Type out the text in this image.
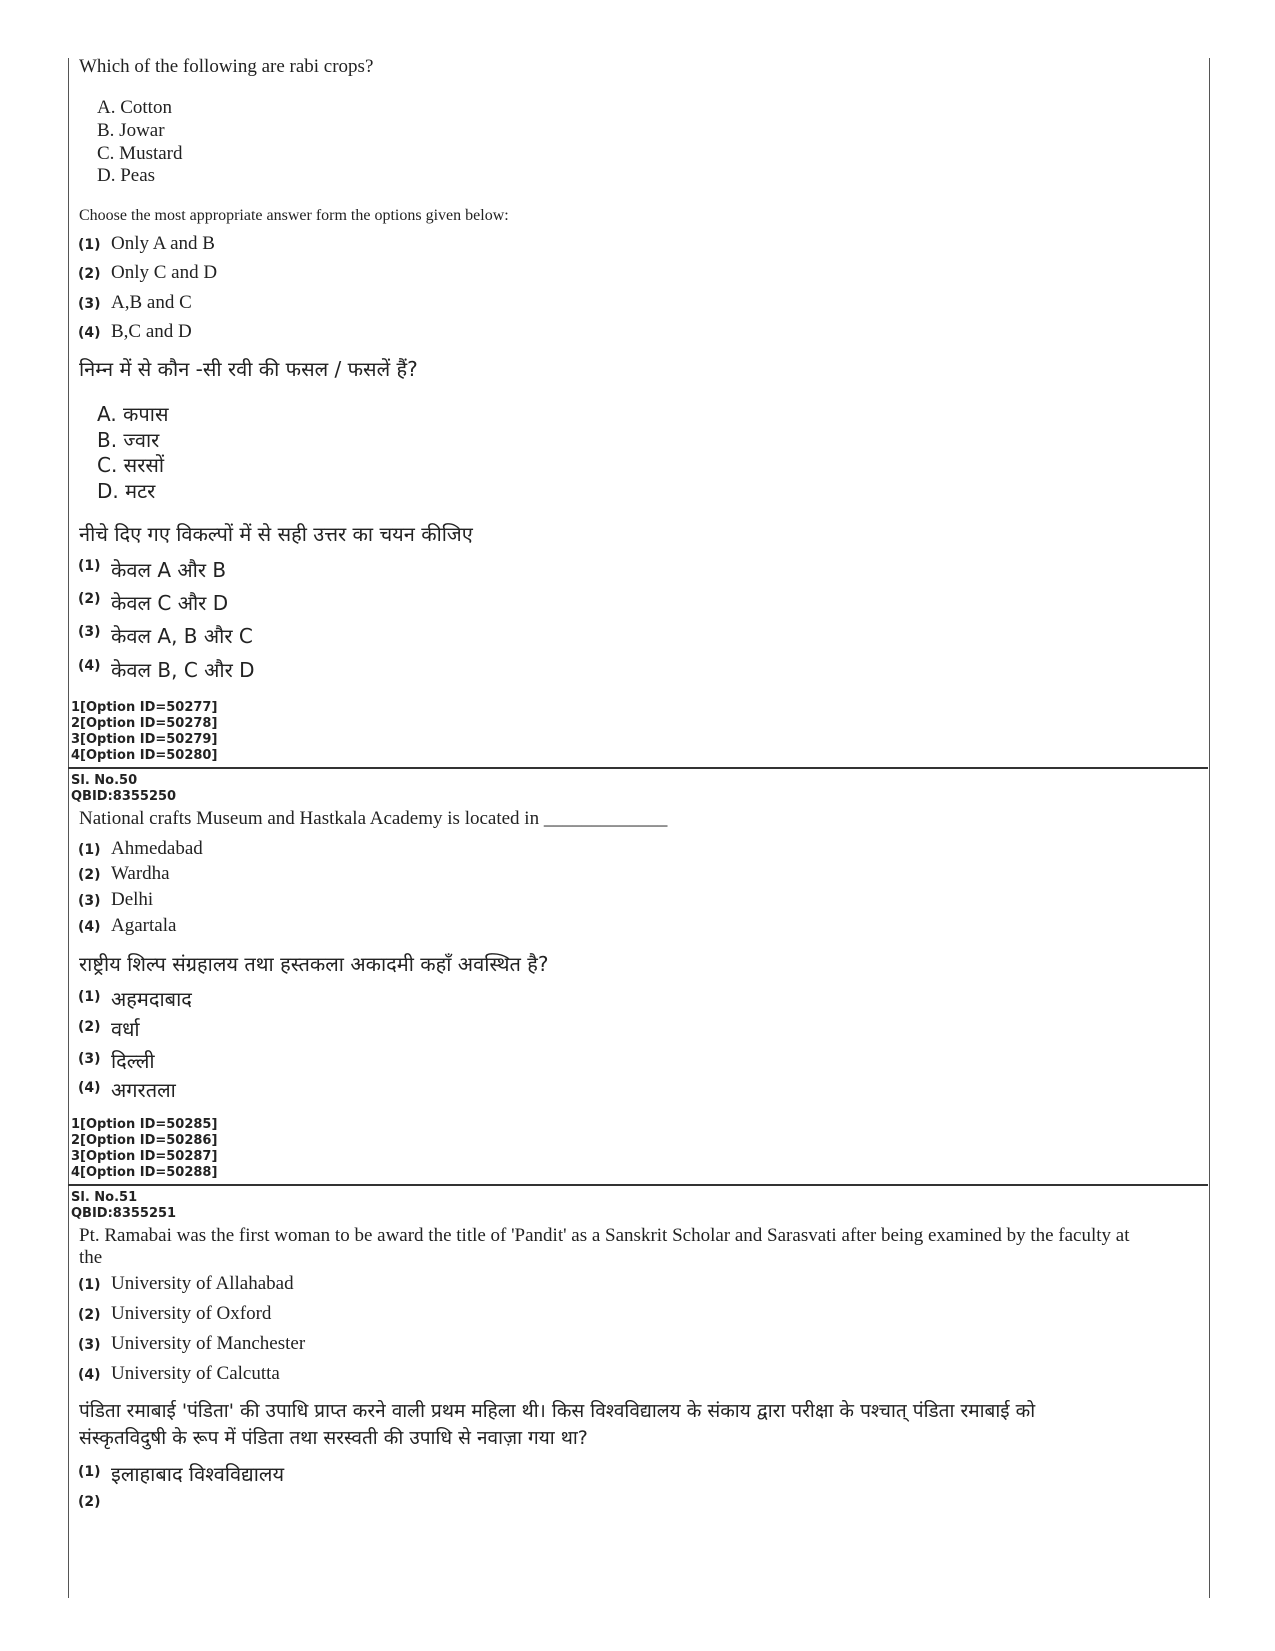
Which of the following are rabi crops?
A. Cotton
B. Jowar
C. Mustard
D. Peas
Choose the most appropriate answer form the options given below:
(1) Only A and B
(2) Only C and D
(3) A,B and C
(4) B,C and D
निम्न में से कौन -सी रवी की फसल / फसलें हैं?
A. कपास
B. ज्वार
C. सरसों
D. मटर
नीचे दिए गए विकल्पों में से सही उत्तर का चयन कीजिए
(1) केवल A और B
(2) केवल C और D
(3) केवल A, B और C
(4) केवल B, C और D
1[Option ID=50277]
2[Option ID=50278]
3[Option ID=50279]
4[Option ID=50280]
Sl. No.50
QBID:8355250
National crafts Museum and Hastkala Academy is located in _____________
(1) Ahmedabad
(2) Wardha
(3) Delhi
(4) Agartala
राष्ट्रीय शिल्प संग्रहालय तथा हस्तकला अकादमी कहाँ अवस्थित है?
(1) अहमदाबाद
(2) वर्धा
(3) दिल्ली
(4) अगरतला
1[Option ID=50285]
2[Option ID=50286]
3[Option ID=50287]
4[Option ID=50288]
Sl. No.51
QBID:8355251
Pt. Ramabai was the first woman to be award the title of 'Pandit' as a Sanskrit Scholar and Sarasvati after being examined by the faculty at the
(1) University of Allahabad
(2) University of Oxford
(3) University of Manchester
(4) University of Calcutta
पंडिता रमाबाई 'पंडिता' की उपाधि प्राप्त करने वाली प्रथम महिला थी। किस विश्वविद्यालय के संकाय द्वारा परीक्षा के पश्चात् पंडिता रमाबाई को
संस्कृतविदुषी के रूप में पंडिता तथा सरस्वती की उपाधि से नवाज़ा गया था?
(1) इलाहाबाद विश्वविद्यालय
(2)
